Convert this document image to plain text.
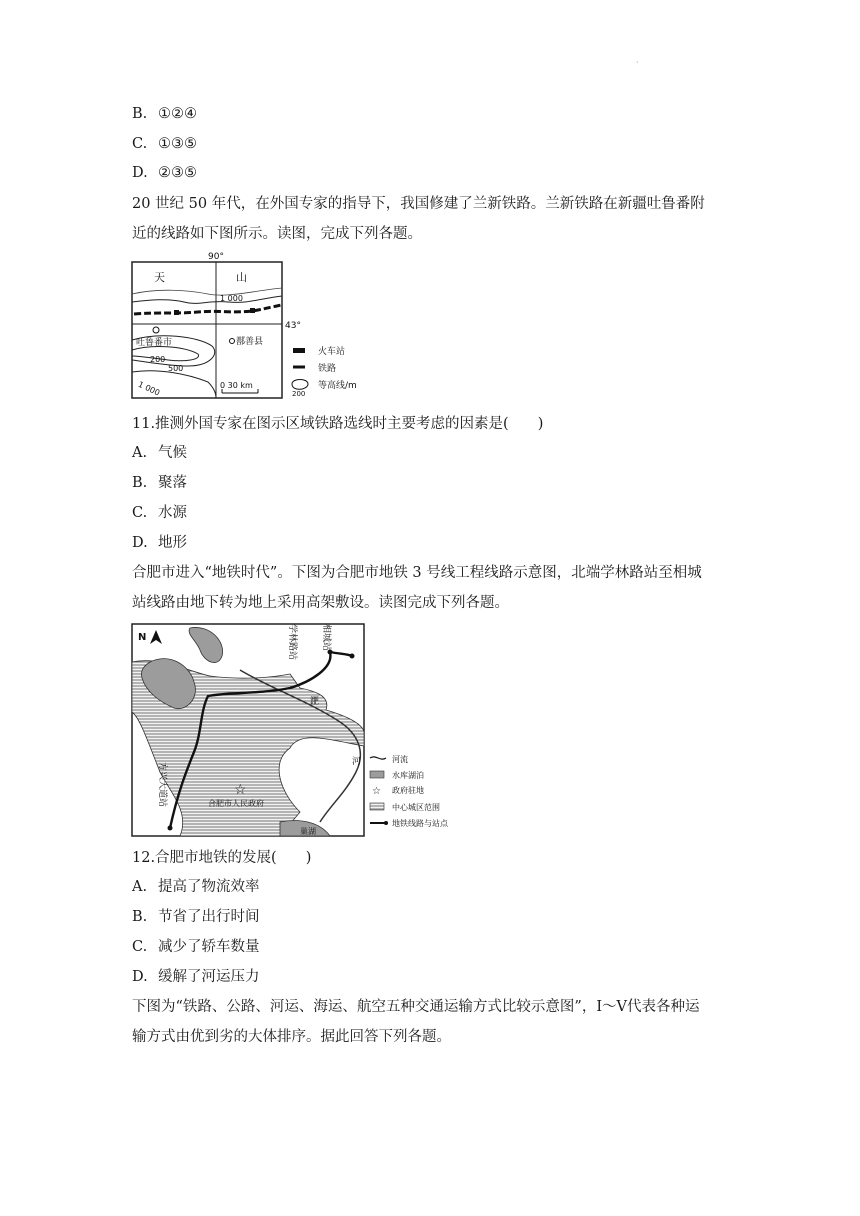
·
B. ①②④
C. ①③⑤
D. ②③⑤
20 世纪 50 年代，在外国专家的指导下，我国修建了兰新铁路。兰新铁路在新疆吐鲁番附
近的线路如下图所示。读图，完成下列各题。
90°
43°
天	山
1 000
吐鲁番市	鄯善县
200
500
1 000	0 30 km
火车站
铁路
200
等高线/m
11.推测外国专家在图示区域铁路选线时主要考虑的因素是(　　)
A. 气候
B. 聚落
C. 水源
D. 地形
合肥市进入“地铁时代”。下图为合肥市地铁 3 号线工程线路示意图，北端学林路站至相城
站线路由地下转为地上采用高架敷设。读图完成下列各题。
巢湖
淝
河
方兴大道站
学林路站	相城站
☆
合肥市人民政府
N
河流
水库湖泊
☆ 政府驻地
中心城区范围
地铁线路与站点
12.合肥市地铁的发展(　　)
A. 提高了物流效率
B. 节省了出行时间
C. 减少了轿车数量
D. 缓解了河运压力
下图为“铁路、公路、河运、海运、航空五种交通运输方式比较示意图”，Ⅰ～Ⅴ代表各种运
输方式由优到劣的大体排序。据此回答下列各题。
